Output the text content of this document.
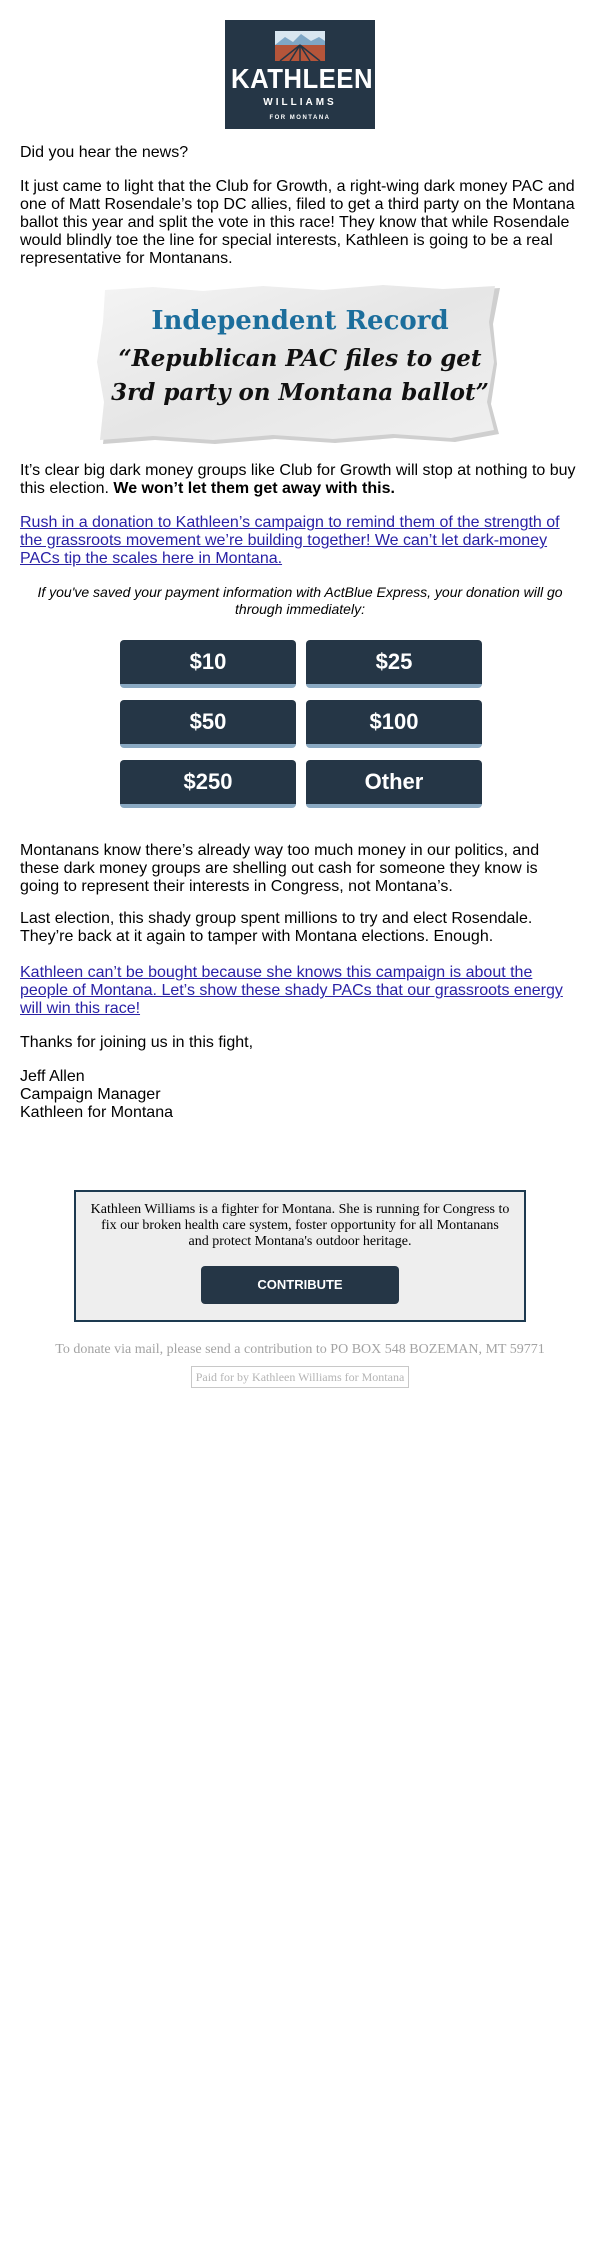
KATHLEEN
WILLIAMS
FOR MONTANA

Did you hear the news?

It just came to light that the Club for Growth, a right-wing dark money PAC and one of Matt Rosendale’s top DC allies, filed to get a third party on the Montana ballot this year and split the vote in this race! They know that while Rosendale would blindly toe the line for special interests, Kathleen is going to be a real representative for Montanans.

Independent Record
“Republican PAC files to get 3rd party on Montana ballot”

It’s clear big dark money groups like Club for Growth will stop at nothing to buy this election. We won’t let them get away with this.

Rush in a donation to Kathleen’s campaign to remind them of the strength of the grassroots movement we’re building together! We can’t let dark-money PACs tip the scales here in Montana.

If you've saved your payment information with ActBlue Express, your donation will go through immediately:
$10	$25
$50	$100
$250	Other

Montanans know there’s already way too much money in our politics, and these dark money groups are shelling out cash for someone they know is going to represent their interests in Congress, not Montana’s.

Last election, this shady group spent millions to try and elect Rosendale. They’re back at it again to tamper with Montana elections. Enough.

Kathleen can’t be bought because she knows this campaign is about the people of Montana. Let’s show these shady PACs that our grassroots energy will win this race!

Thanks for joining us in this fight,

Jeff Allen

Campaign Manager

Kathleen for Montana

Kathleen Williams is a fighter for Montana. She is running for Congress to fix our broken health care system, foster opportunity for all Montanans and protect Montana's outdoor heritage.
CONTRIBUTE
To donate via mail, please send a contribution to PO BOX 548 BOZEMAN, MT 59771
Paid for by Kathleen Williams for Montana
